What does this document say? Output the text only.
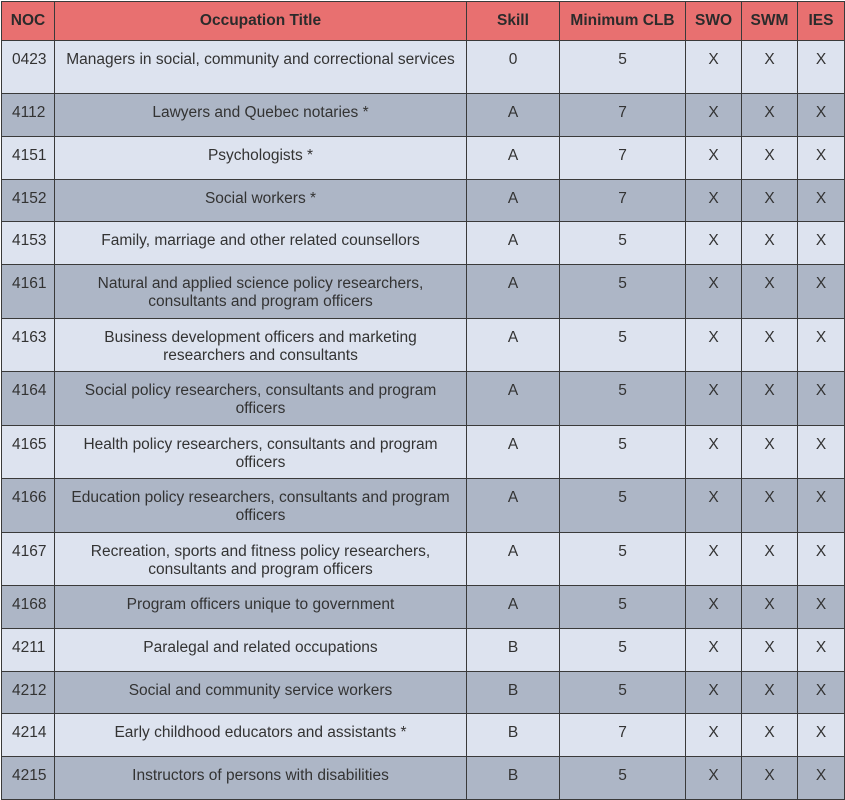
NOC	Occupation Title	Skill	Minimum CLB	SWO	SWM	IES
0423	Managers in social, community and correctional services	0	5	X	X	X
4112	Lawyers and Quebec notaries *	A	7	X	X	X
4151	Psychologists *	A	7	X	X	X
4152	Social workers *	A	7	X	X	X
4153	Family, marriage and other related counsellors	A	5	X	X	X
4161	Natural and applied science policy researchers, consultants and program officers	A	5	X	X	X
4163	Business development officers and marketing researchers and consultants	A	5	X	X	X
4164	Social policy researchers, consultants and program officers	A	5	X	X	X
4165	Health policy researchers, consultants and program officers	A	5	X	X	X
4166	Education policy researchers, consultants and program officers	A	5	X	X	X
4167	Recreation, sports and fitness policy researchers, consultants and program officers	A	5	X	X	X
4168	Program officers unique to government	A	5	X	X	X
4211	Paralegal and related occupations	B	5	X	X	X
4212	Social and community service workers	B	5	X	X	X
4214	Early childhood educators and assistants *	B	7	X	X	X
4215	Instructors of persons with disabilities	B	5	X	X	X
